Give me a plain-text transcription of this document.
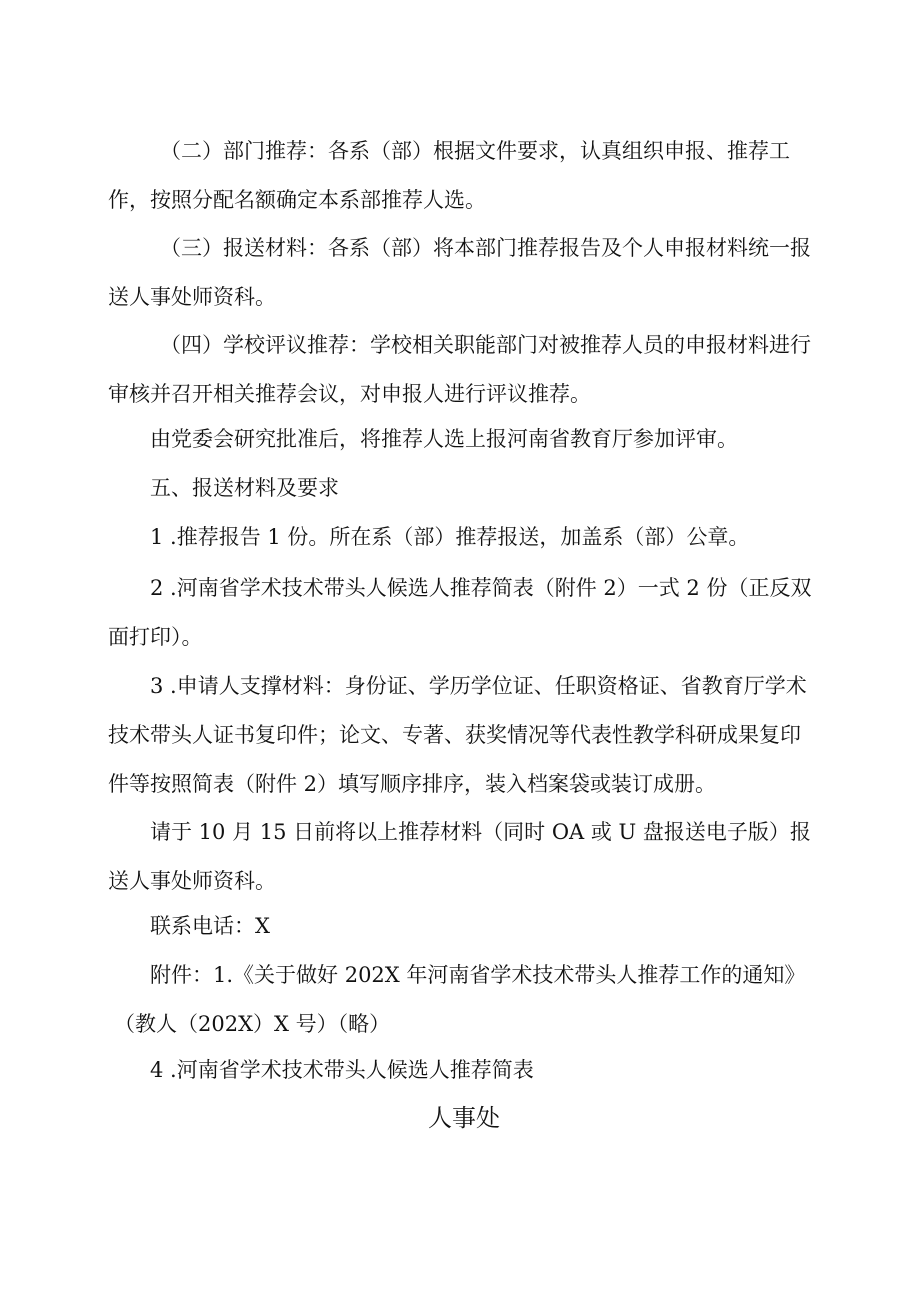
（二）部门推荐：各系（部）根据文件要求，认真组织申报、推荐工作，按照分配名额确定本系部推荐人选。

（三）报送材料：各系（部）将本部门推荐报告及个人申报材料统一报送人事处师资科。

（四）学校评议推荐：学校相关职能部门对被推荐人员的申报材料进行审核并召开相关推荐会议，对申报人进行评议推荐。

由党委会研究批准后，将推荐人选上报河南省教育厅参加评审。

五、报送材料及要求

1 .推荐报告 1 份。所在系（部）推荐报送，加盖系（部）公章。

2 .河南省学术技术带头人候选人推荐简表（附件 2）一式 2 份（正反双面打印）。

3 .申请人支撑材料：身份证、学历学位证、任职资格证、省教育厅学术技术带头人证书复印件；论文、专著、获奖情况等代表性教学科研成果复印件等按照简表（附件 2）填写顺序排序，装入档案袋或装订成册。

请于 10 月 15 日前将以上推荐材料（同时 OA 或 U 盘报送电子版）报送人事处师资科。

联系电话：X

附件：1.《关于做好 202X 年河南省学术技术带头人推荐工作的通知》

（教人（202X）X 号）（略）

4 .河南省学术技术带头人候选人推荐简表

人事处
